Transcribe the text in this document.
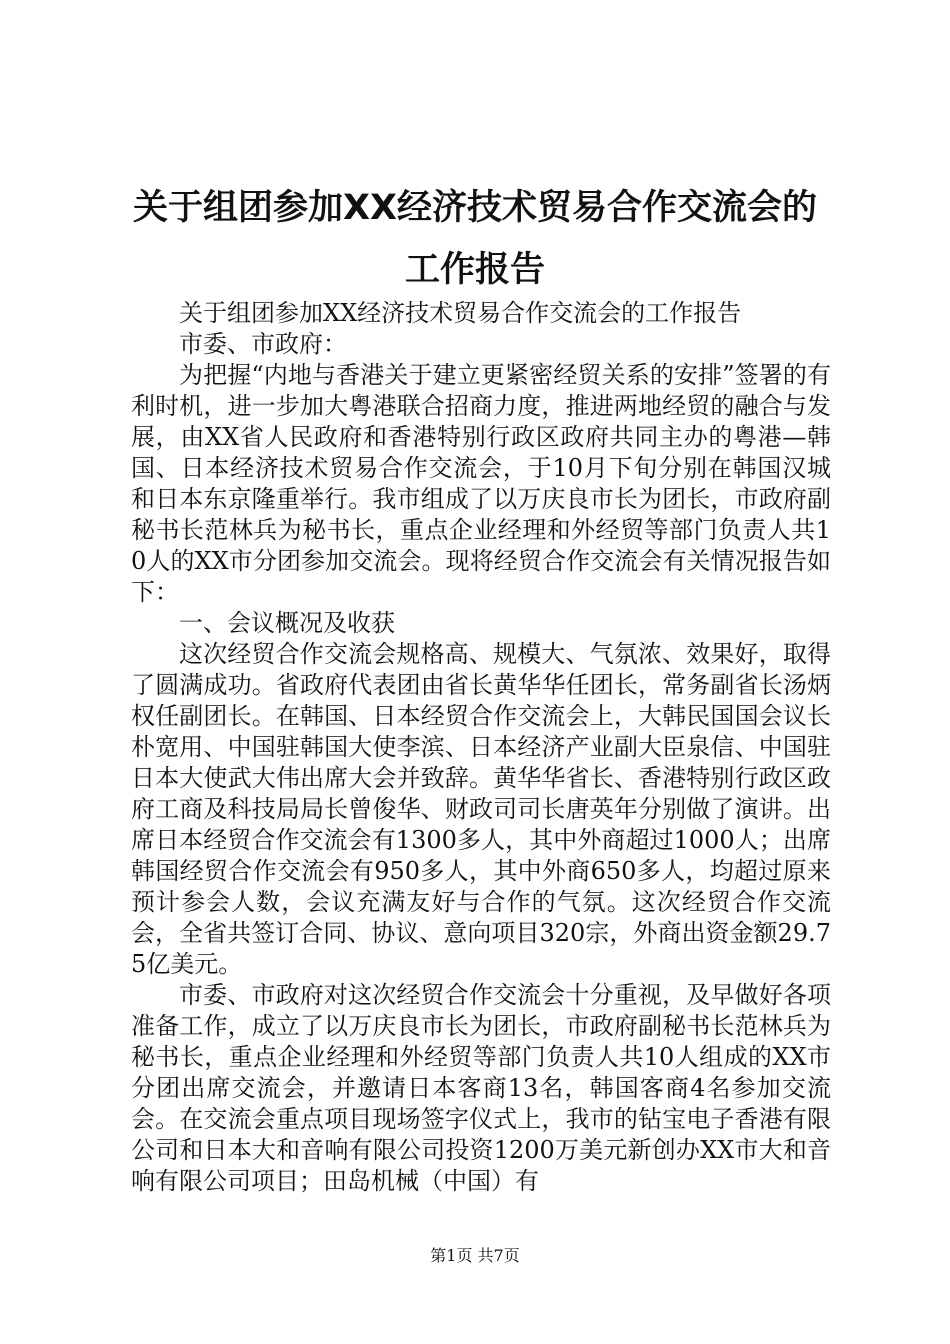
关于组团参加XX经济技术贸易合作交流会的
工作报告

关于组团参加XX经济技术贸易合作交流会的工作报告

市委、市政府：

为把握“内地与香港关于建立更紧密经贸关系的安排”签署的有利时机，进一步加大粤港联合招商力度，推进两地经贸的融合与发展，由XX省人民政府和香港特别行政区政府共同主办的粤港—韩国、日本经济技术贸易合作交流会，于10月下旬分别在韩国汉城和日本东京隆重举行。我市组成了以万庆良市长为团长，市政府副秘书长范林兵为秘书长，重点企业经理和外经贸等部门负责人共10人的XX市分团参加交流会。现将经贸合作交流会有关情况报告如下：

一、会议概况及收获

这次经贸合作交流会规格高、规模大、气氛浓、效果好，取得了圆满成功。省政府代表团由省长黄华华任团长，常务副省长汤炳权任副团长。在韩国、日本经贸合作交流会上，大韩民国国会议长朴宽用、中国驻韩国大使李滨、日本经济产业副大臣泉信、中国驻日本大使武大伟出席大会并致辞。黄华华省长、香港特别行政区政府工商及科技局局长曾俊华、财政司司长唐英年分别做了演讲。出席日本经贸合作交流会有1300多人，其中外商超过1000人；出席韩国经贸合作交流会有950多人，其中外商650多人，均超过原来预计参会人数，会议充满友好与合作的气氛。这次经贸合作交流会，全省共签订合同、协议、意向项目320宗，外商出资金额29.75亿美元。

市委、市政府对这次经贸合作交流会十分重视，及早做好各项准备工作，成立了以万庆良市长为团长，市政府副秘书长范林兵为秘书长，重点企业经理和外经贸等部门负责人共10人组成的XX市分团出席交流会，并邀请日本客商13名，韩国客商4名参加交流会。在交流会重点项目现场签字仪式上，我市的钻宝电子香港有限公司和日本大和音响有限公司投资1200万美元新创办XX市大和音响有限公司项目；田岛机械（中国）有

第1页 共7页
